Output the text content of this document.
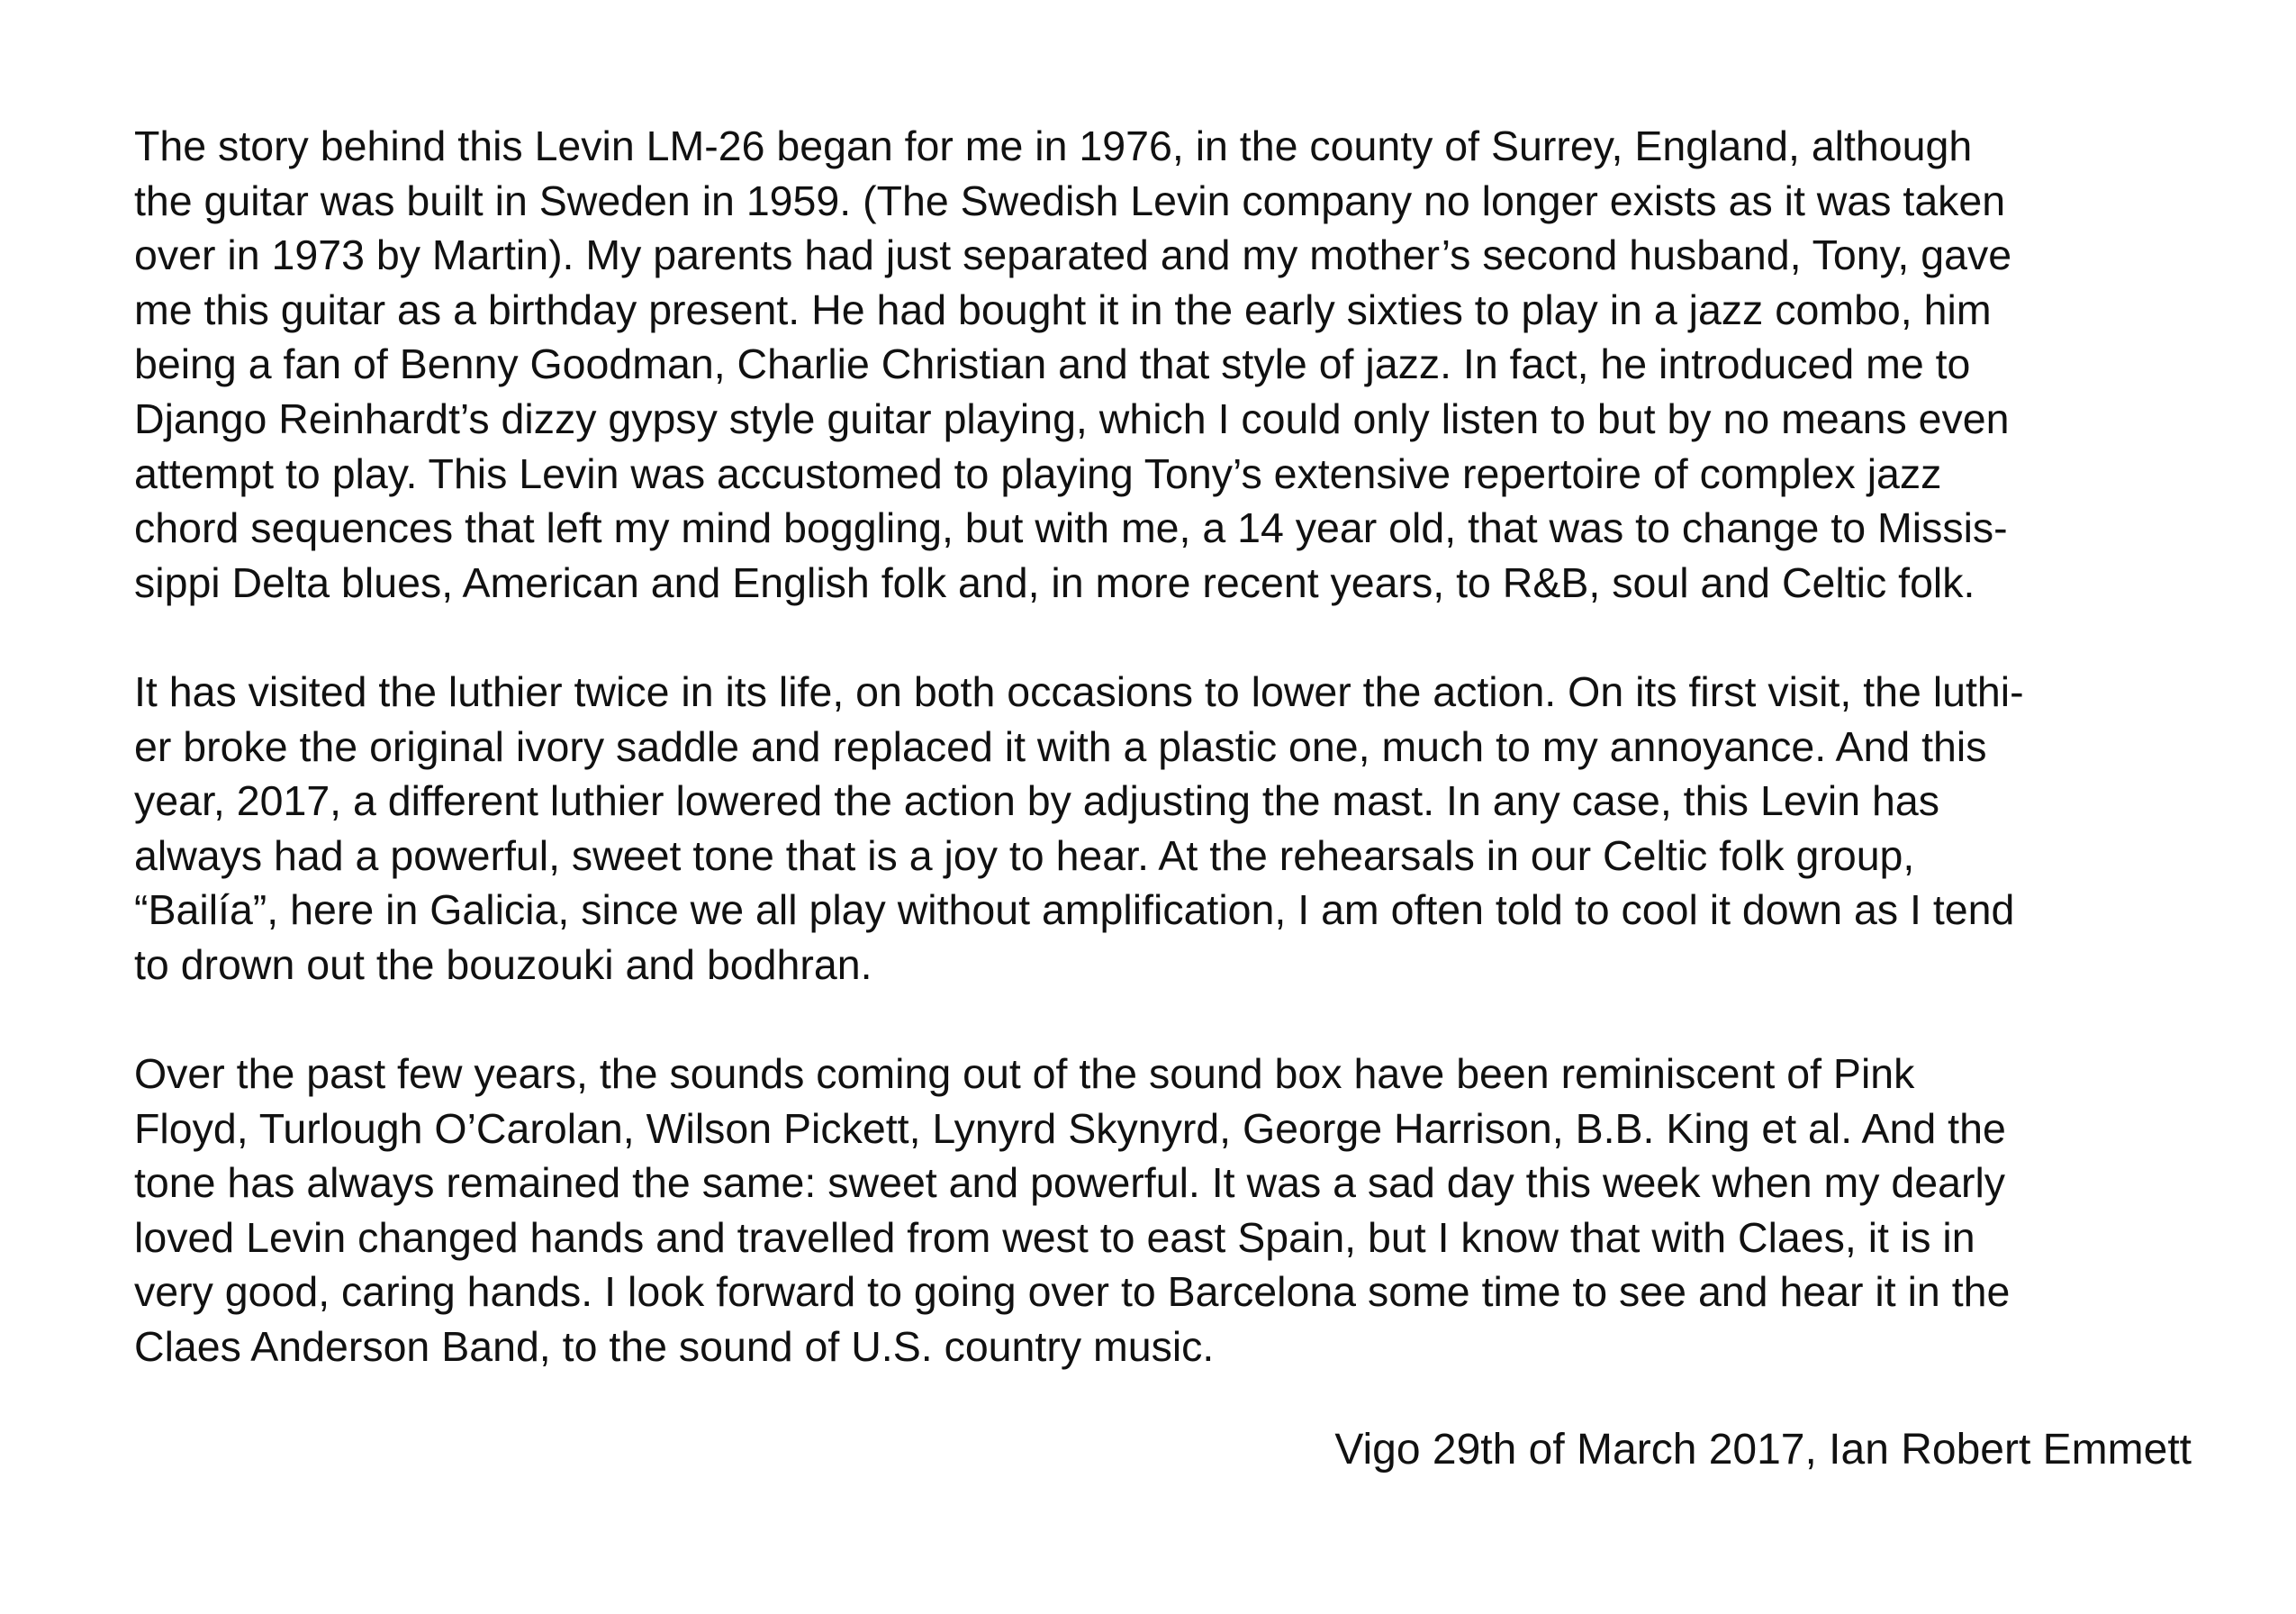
The story behind this Levin LM-26 began for me in 1976, in the county of Surrey, England, although
the guitar was built in Sweden in 1959. (The Swedish Levin company no longer exists as it was taken
over in 1973 by Martin). My parents had just separated and my mother’s second husband, Tony, gave
me this guitar as a birthday present. He had bought it in the early sixties to play in a jazz combo, him
being a fan of Benny Goodman, Charlie Christian and that style of jazz. In fact, he introduced me to
Django Reinhardt’s dizzy gypsy style guitar playing, which I could only listen to but by no means even
attempt to play. This Levin was accustomed to playing Tony’s extensive repertoire of complex jazz
chord sequences that left my mind boggling, but with me, a 14 year old, that was to change to Missis-
sippi Delta blues, American and English folk and, in more recent years, to R&B, soul and Celtic folk.
It has visited the luthier twice in its life, on both occasions to lower the action. On its first visit, the luthi-
er broke the original ivory saddle and replaced it with a plastic one, much to my annoyance. And this
year, 2017, a different luthier lowered the action by adjusting the mast. In any case, this Levin has
always had a powerful, sweet tone that is a joy to hear. At the rehearsals in our Celtic folk group,
“Bailía”, here in Galicia, since we all play without amplification, I am often told to cool it down as I tend
to drown out the bouzouki and bodhran.
Over the past few years, the sounds coming out of the sound box have been reminiscent of Pink
Floyd, Turlough O’Carolan, Wilson Pickett, Lynyrd Skynyrd, George Harrison, B.B. King et al. And the
tone has always remained the same: sweet and powerful. It was a sad day this week when my dearly
loved Levin changed hands and travelled from west to east Spain, but I know that with Claes, it is in
very good, caring hands. I look forward to going over to Barcelona some time to see and hear it in the
Claes Anderson Band, to the sound of U.S. country music.
Vigo 29th of March 2017, Ian Robert Emmett
